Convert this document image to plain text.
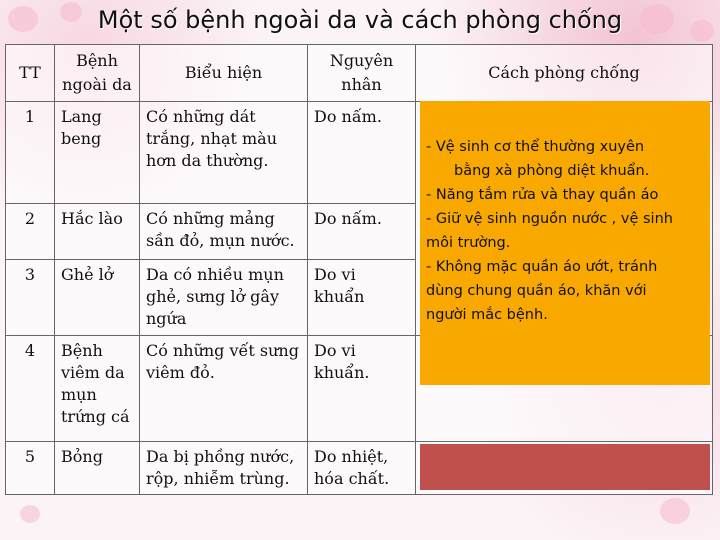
Một số bệnh ngoài da và cách phòng chống
TT	Bệnh ngoài da	Biểu hiện	Nguyên nhân	Cách phòng chống
1	Lang beng	Có những dát trắng, nhạt màu hơn da thường.	Do nấm.	
2	Hắc lào	Có những mảng sần đỏ, mụn nước.	Do nấm.	
3	Ghẻ lở	Da có nhiều mụn ghẻ, sưng lở gây ngứa	Do vi khuẩn	
4	Bệnh viêm da mụn trứng cá	Có những vết sưng viêm đỏ.	Do vi khuẩn.	
5	Bỏng	Da bị phồng nước, rộp, nhiễm trùng.	Do nhiệt, hóa chất.	
- Vệ sinh cơ thể thường xuyên
bằng xà phòng diệt khuẩn.
- Năng tắm rửa và thay quần áo
- Giữ vệ sinh nguồn nước , vệ sinh
môi trường.
- Không mặc quần áo ướt, tránh
dùng chung quần áo, khăn với
người mắc bệnh.
